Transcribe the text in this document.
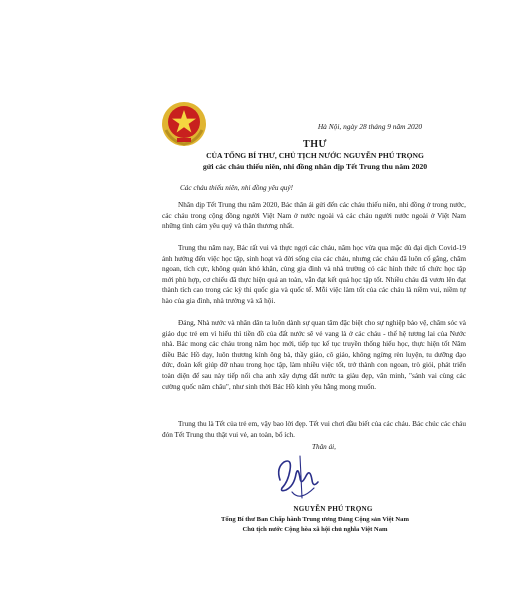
Hà Nội, ngày 28 tháng 9 năm 2020
THƯ
CỦA TỔNG BÍ THƯ, CHỦ TỊCH NƯỚC NGUYỄN PHÚ TRỌNG
gửi các cháu thiếu niên, nhi đồng nhân dịp Tết Trung thu năm 2020
Các cháu thiếu niên, nhi đồng yêu quý!
Nhân dịp Tết Trung thu năm 2020, Bác thân ái gửi đến các cháu thiếu niên, nhi đồng ở trong nước, các cháu trong cộng đồng người Việt Nam ở nước ngoài và các cháu người nước ngoài ở Việt Nam những tình cảm yêu quý và thân thương nhất.
Trung thu năm nay, Bác rất vui và thực ngợi các cháu, năm học vừa qua mặc dù đại dịch Covid-19 ảnh hưởng đến việc học tập, sinh hoạt và đời sống của các cháu, nhưng các cháu đã luôn cố gắng, chăm ngoan, tích cực, không quản khó khăn, cùng gia đình và nhà trường có các hình thức tổ chức học tập mới phù hợp, cơ chiếu đã thực hiện quả an toàn, vẫn đạt kết quả học tập tốt. Nhiều cháu đã vươn lên đạt thành tích cao trong các kỳ thi quốc gia và quốc tế. Mỗi việc làm tốt của các cháu là niềm vui, niềm tự hào của gia đình, nhà trường và xã hội.
Đảng, Nhà nước và nhân dân ta luôn dành sự quan tâm đặc biệt cho sự nghiệp bảo vệ, chăm sóc và giáo dục trẻ em vì hiểu thì tiền đồ của đất nước sẽ vẻ vang là ở các cháu - thế hệ tương lai của Nước nhà. Bác mong các cháu trong năm học mới, tiếp tục kế tục truyền thống hiếu học, thực hiện tốt Năm điều Bác Hồ dạy, luôn thương kính ông bà, thầy giáo, cô giáo, không ngừng rèn luyện, tu dưỡng đạo đức, đoàn kết giúp đỡ nhau trong học tập, làm nhiều việc tốt, trở thành con ngoan, trò giỏi, phát triển toàn diện để sau này tiếp nối cha anh xây dựng đất nước ta giàu đẹp, văn minh, "sánh vai cùng các cường quốc năm châu", như sinh thời Bác Hồ kính yêu hằng mong muốn.
Trung thu là Tết của trẻ em, vậy bao lời đẹp. Tết vui chơi đầu biết của các cháu. Bác chúc các cháu đón Tết Trung thu thật vui vẻ, an toàn, bổ ích.
Thân ái,
NGUYỄN PHÚ TRỌNG
Tổng Bí thư Ban Chấp hành Trung ương Đảng Cộng sản Việt Nam
Chủ tịch nước Cộng hòa xã hội chủ nghĩa Việt Nam
